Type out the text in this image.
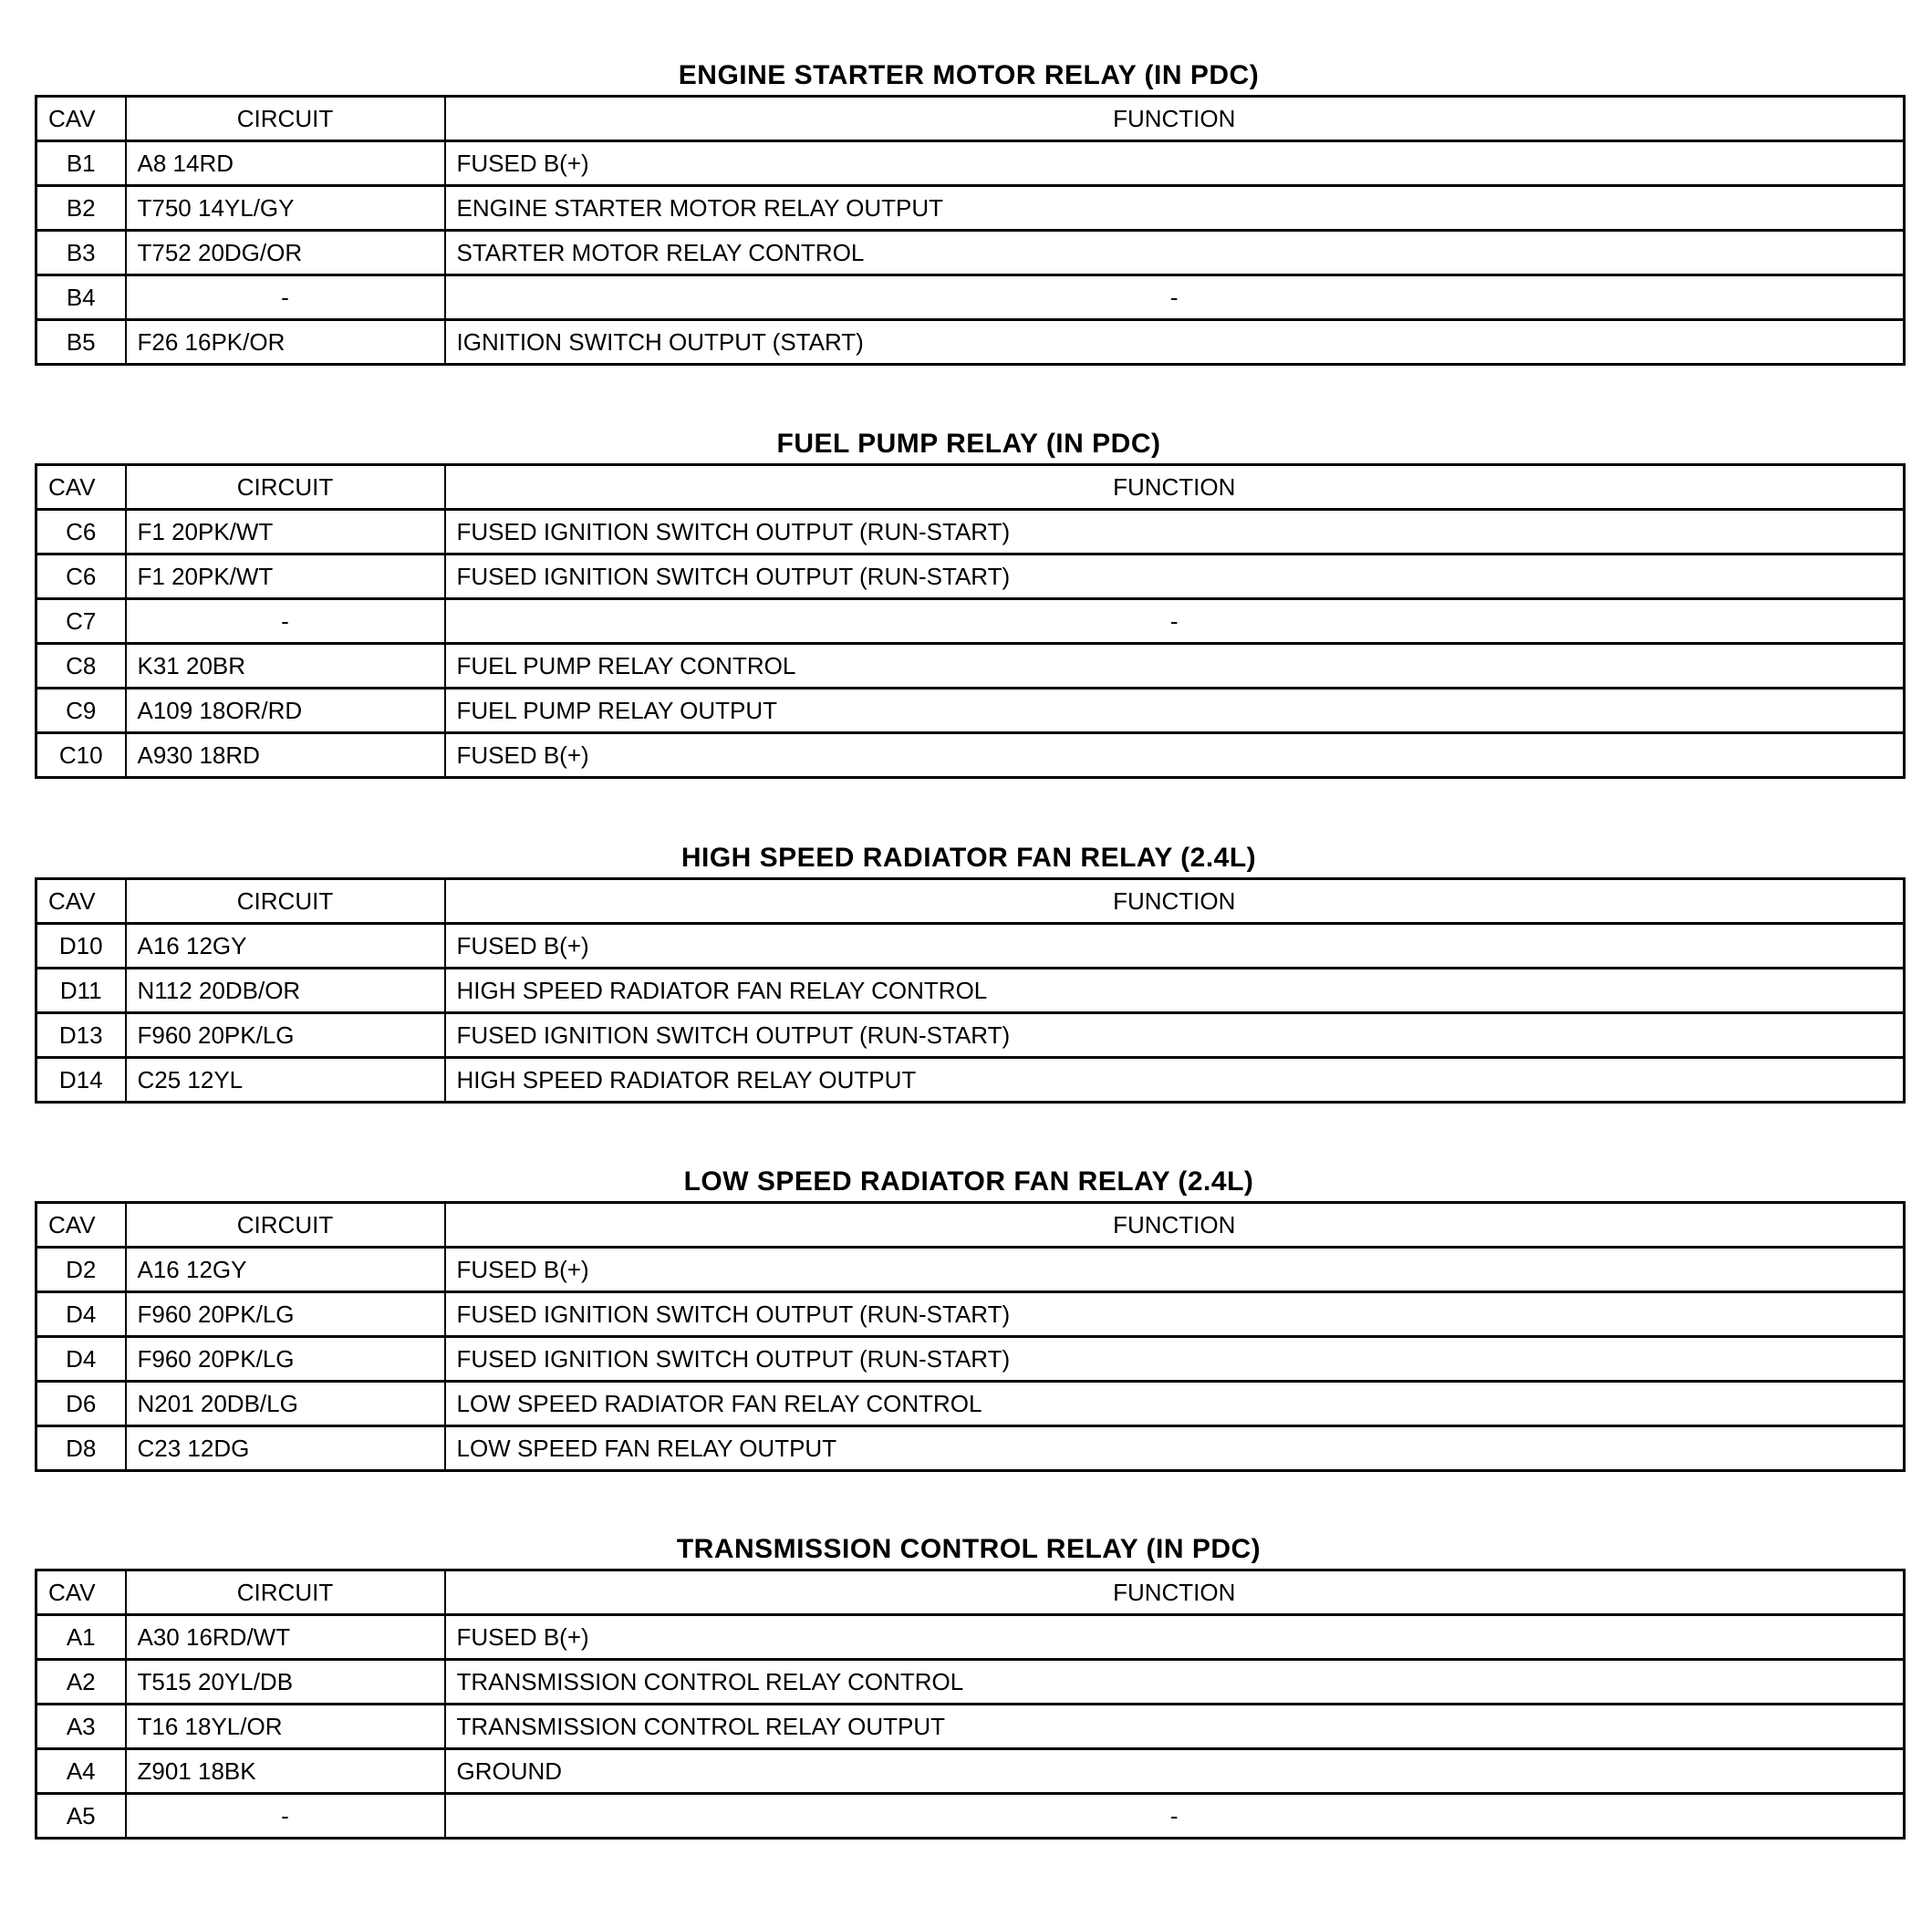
ENGINE STARTER MOTOR RELAY (IN PDC)
CAV	CIRCUIT	FUNCTION
B1	A8 14RD	FUSED B(+)
B2	T750 14YL/GY	ENGINE STARTER MOTOR RELAY OUTPUT
B3	T752 20DG/OR	STARTER MOTOR RELAY CONTROL
B4	-	-
B5	F26 16PK/OR	IGNITION SWITCH OUTPUT (START)
FUEL PUMP RELAY (IN PDC)
CAV	CIRCUIT	FUNCTION
C6	F1 20PK/WT	FUSED IGNITION SWITCH OUTPUT (RUN-START)
C6	F1 20PK/WT	FUSED IGNITION SWITCH OUTPUT (RUN-START)
C7	-	-
C8	K31 20BR	FUEL PUMP RELAY CONTROL
C9	A109 18OR/RD	FUEL PUMP RELAY OUTPUT
C10	A930 18RD	FUSED B(+)
HIGH SPEED RADIATOR FAN RELAY (2.4L)
CAV	CIRCUIT	FUNCTION
D10	A16 12GY	FUSED B(+)
D11	N112 20DB/OR	HIGH SPEED RADIATOR FAN RELAY CONTROL
D13	F960 20PK/LG	FUSED IGNITION SWITCH OUTPUT (RUN-START)
D14	C25 12YL	HIGH SPEED RADIATOR RELAY OUTPUT
LOW SPEED RADIATOR FAN RELAY (2.4L)
CAV	CIRCUIT	FUNCTION
D2	A16 12GY	FUSED B(+)
D4	F960 20PK/LG	FUSED IGNITION SWITCH OUTPUT (RUN-START)
D4	F960 20PK/LG	FUSED IGNITION SWITCH OUTPUT (RUN-START)
D6	N201 20DB/LG	LOW SPEED RADIATOR FAN RELAY CONTROL
D8	C23 12DG	LOW SPEED FAN RELAY OUTPUT
TRANSMISSION CONTROL RELAY (IN PDC)
CAV	CIRCUIT	FUNCTION
A1	A30 16RD/WT	FUSED B(+)
A2	T515 20YL/DB	TRANSMISSION CONTROL RELAY CONTROL
A3	T16 18YL/OR	TRANSMISSION CONTROL RELAY OUTPUT
A4	Z901 18BK	GROUND
A5	-	-
